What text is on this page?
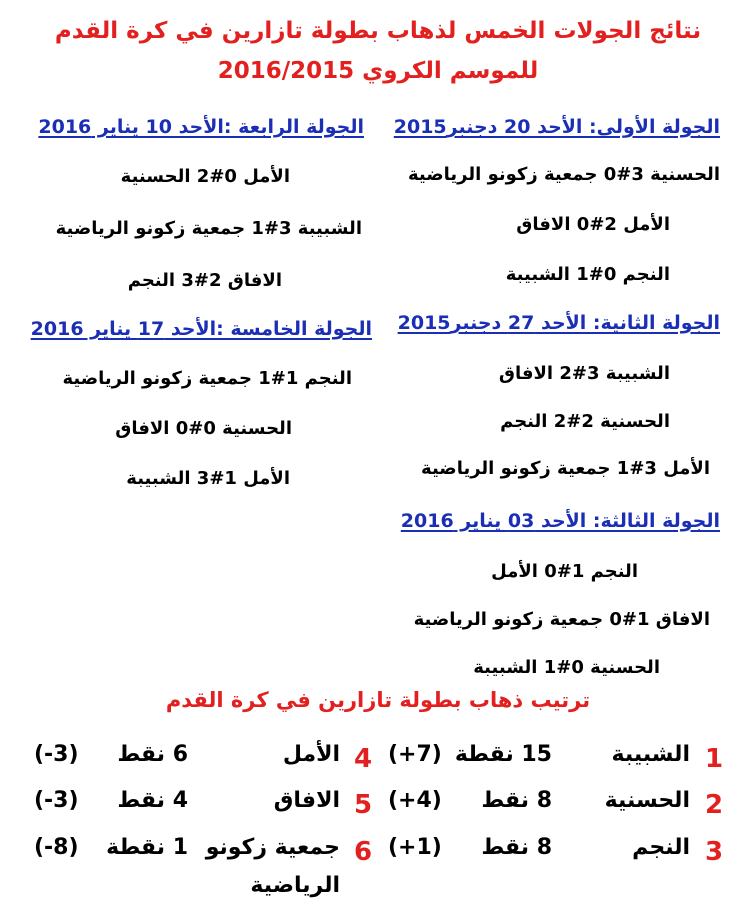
نتائج الجولات الخمس لذهاب بطولة تازارين في كرة القدم
للموسم الكروي 2016/2015
الجولة الأولى: الأحد 20 دجنبر2015
الحسنية 3#0 جمعية زكونو الرياضية
الأمل 2#0 الافاق
النجم 0#1 الشبيبة
الجولة الثانية: الأحد 27 دجنبر2015
الشبيبة 3#2 الافاق
الحسنية 2#2 النجم
الأمل 3#1 جمعية زكونو الرياضية
الجولة الثالثة: الأحد 03 يناير 2016
النجم 1#0 الأمل
الافاق 1#0 جمعية زكونو الرياضية
الحسنية 0#1 الشبيبة
الجولة الرابعة :الأحد 10 يناير 2016
الأمل 0#2 الحسنية
الشبيبة 3#1 جمعية زكونو الرياضية
الافاق 2#3 النجم
الجولة الخامسة :الأحد 17 يناير 2016
النجم 1#1 جمعية زكونو الرياضية
الحسنية 0#0 الافاق
الأمل 1#3 الشبيبة
ترتيب ذهاب بطولة تازارين في كرة القدم
1
الشبيبة
15 نقطة
(+7)
2
الحسنية
8 نقط
(+4)
3
النجم
8 نقط
(+1)
4
الأمل
6 نقط
(-3)
5
الافاق
4 نقط
(-3)
6
جمعية زكونو
الرياضية
1 نقطة
(-8)
